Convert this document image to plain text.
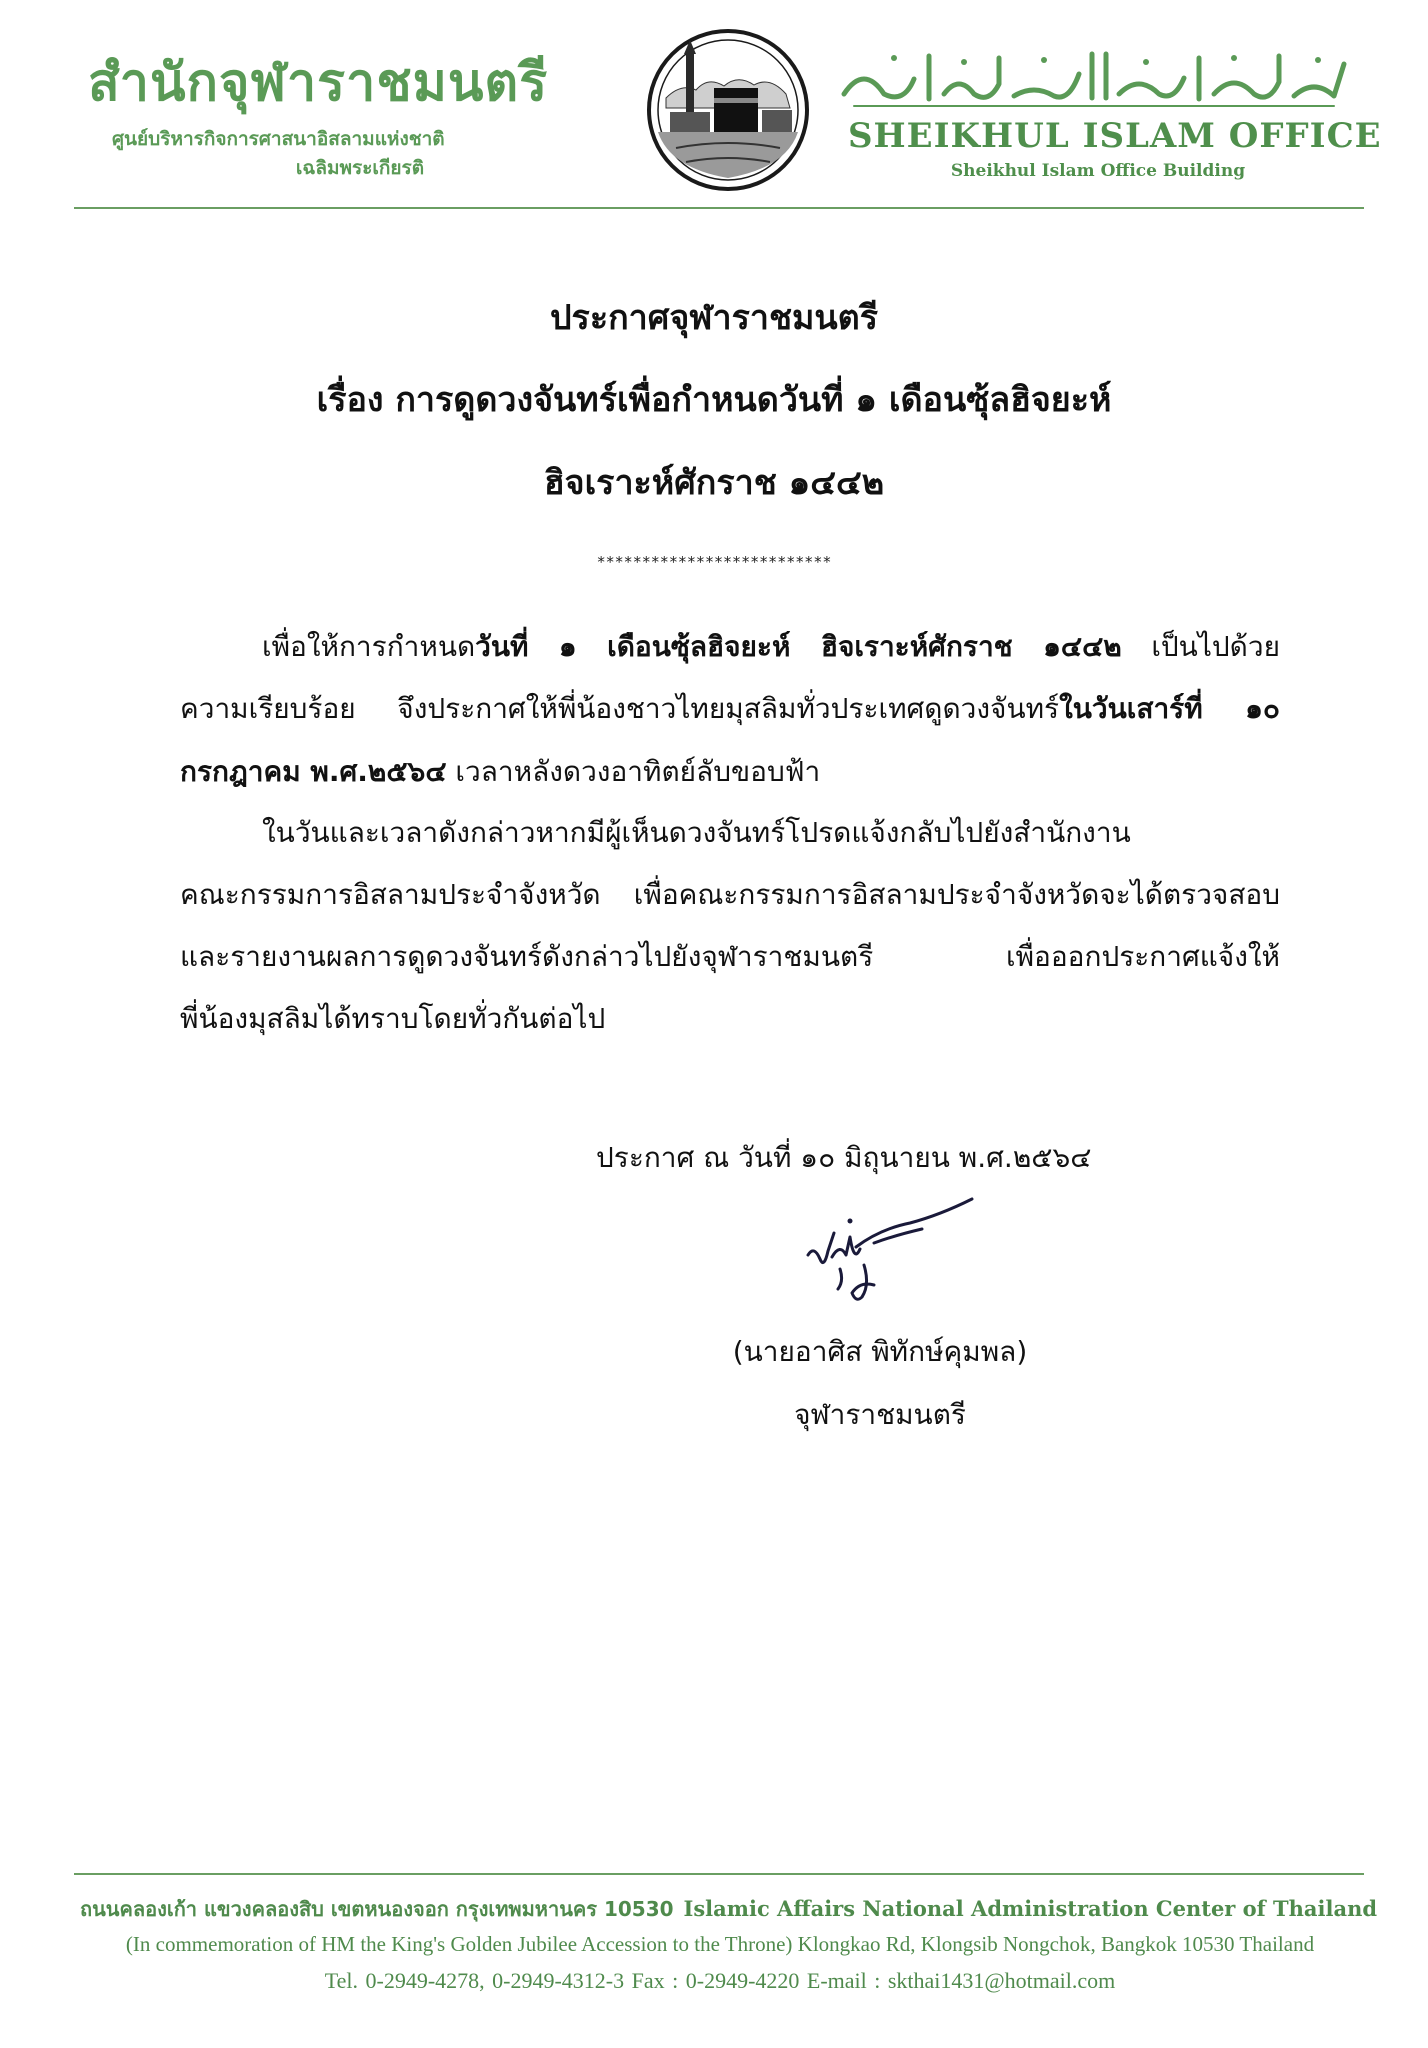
สำนักจุฬาราชมนตรี
ศูนย์บริหารกิจการศาสนาอิสลามแห่งชาติ
เฉลิมพระเกียรติ
SHEIKHUL ISLAM OFFICE
Sheikhul Islam Office Building
ประกาศจุฬาราชมนตรี
เรื่อง การดูดวงจันทร์เพื่อกำหนดวันที่ ๑ เดือนซุ้ลฮิจยะห์
ฮิจเราะห์ศักราช ๑๔๔๒
**************************
เพื่อให้การกำหนดวันที่ ๑ เดือนซุ้ลฮิจยะห์ ฮิจเราะห์ศักราช ๑๔๔๒ เป็นไปด้วย
ความเรียบร้อย จึงประกาศให้พี่น้องชาวไทยมุสลิมทั่วประเทศดูดวงจันทร์ในวันเสาร์ที่ ๑๐
กรกฎาคม พ.ศ.๒๕๖๔ เวลาหลังดวงอาทิตย์ลับขอบฟ้า
ในวันและเวลาดังกล่าวหากมีผู้เห็นดวงจันทร์โปรดแจ้งกลับไปยังสำนักงาน
คณะกรรมการอิสลามประจำจังหวัด เพื่อคณะกรรมการอิสลามประจำจังหวัดจะได้ตรวจสอบ
และรายงานผลการดูดวงจันทร์ดังกล่าวไปยังจุฬาราชมนตรี เพื่อออกประกาศแจ้งให้
พี่น้องมุสลิมได้ทราบโดยทั่วกันต่อไป
ประกาศ ณ วันที่ ๑๐ มิถุนายน พ.ศ.๒๕๖๔
(นายอาศิส พิทักษ์คุมพล)
จุฬาราชมนตรี
ถนนคลองเก้า แขวงคลองสิบ เขตหนองจอก กรุงเทพมหานคร 10530 Islamic Affairs National Administration Center of Thailand
(In commemoration of HM the King's Golden Jubilee Accession to the Throne) Klongkao Rd, Klongsib Nongchok, Bangkok 10530 Thailand
Tel. 0-2949-4278, 0-2949-4312-3 Fax : 0-2949-4220 E-mail : skthai1431@hotmail.com
